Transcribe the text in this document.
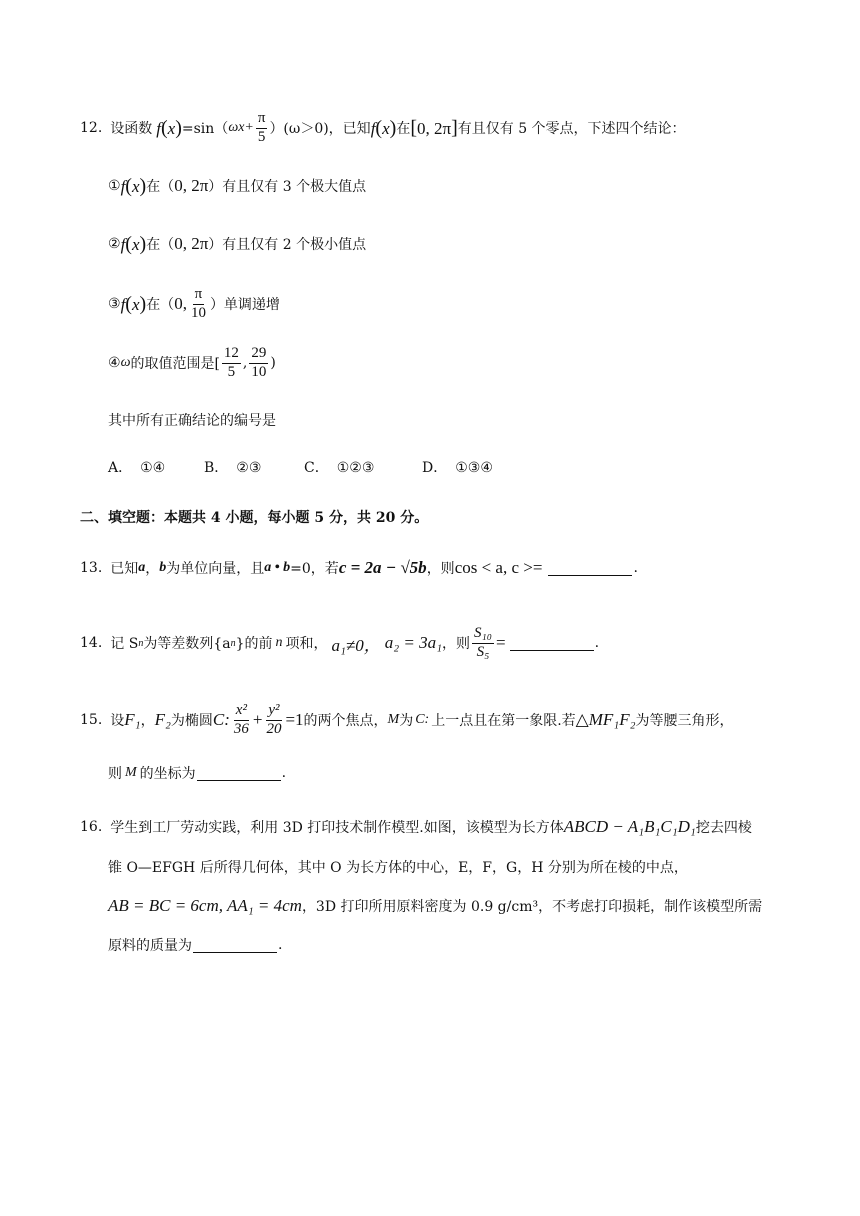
12. 设函数 f(x) =sin（ $\omega x+ \frac{\pi}{5} )(\omega>0)$，已知 f(x) 在 [0, 2π] 有且仅有 5 个零点，下述四个结论：
① f(x) 在（ 0, 2π ）有且仅有 3 个极大值点
② f(x) 在（ 0, 2π ）有且仅有 2 个极小值点
③ f(x) 在（ 0, $\frac{\pi}{10}$ ）单调递增
④ ω 的取值范围是[ $\frac{12}{5}$ , $\frac{29}{10}$ )
其中所有正确结论的编号是
A． ①④	B． ②③	C． ①②③	D． ①③④
二、填空题：本题共 4 小题，每小题 5 分，共 20 分。
13. 已知 a ， b 为单位向量，且 a • b =0，若 c = 2a − √5b ，则 cos < a, c >=	.
14. 记 S n 为等差数列{a n }的前 n 项和， a₁≠0， a₂ = 3a₁ ，则 $\frac{\text{S₁₀}}{\text{S₅}}$ =	.
15. 设 F₁ ， F₂ 为椭圆 C: $\frac{\text{x²}}{36} + \frac{\text{y²}}{20} =1$ 的两个焦点， M 为 C: 上一点且在第一象限.若 △MF₁F₂ 为等腰三角形，
则 M 的坐标为	.
16. 学生到工厂劳动实践，利用 3D 打印技术制作模型.如图，该模型为长方体 ABCD − A₁B₁C₁D₁ 挖去四棱
锥 O—EFGH 后所得几何体，其中 O 为长方体的中心，E，F，G，H 分别为所在棱的中点，
AB = BC = 6cm, AA₁ = 4cm ，3D 打印所用原料密度为 0.9 g/cm³，不考虑打印损耗，制作该模型所需
原料的质量为	.
